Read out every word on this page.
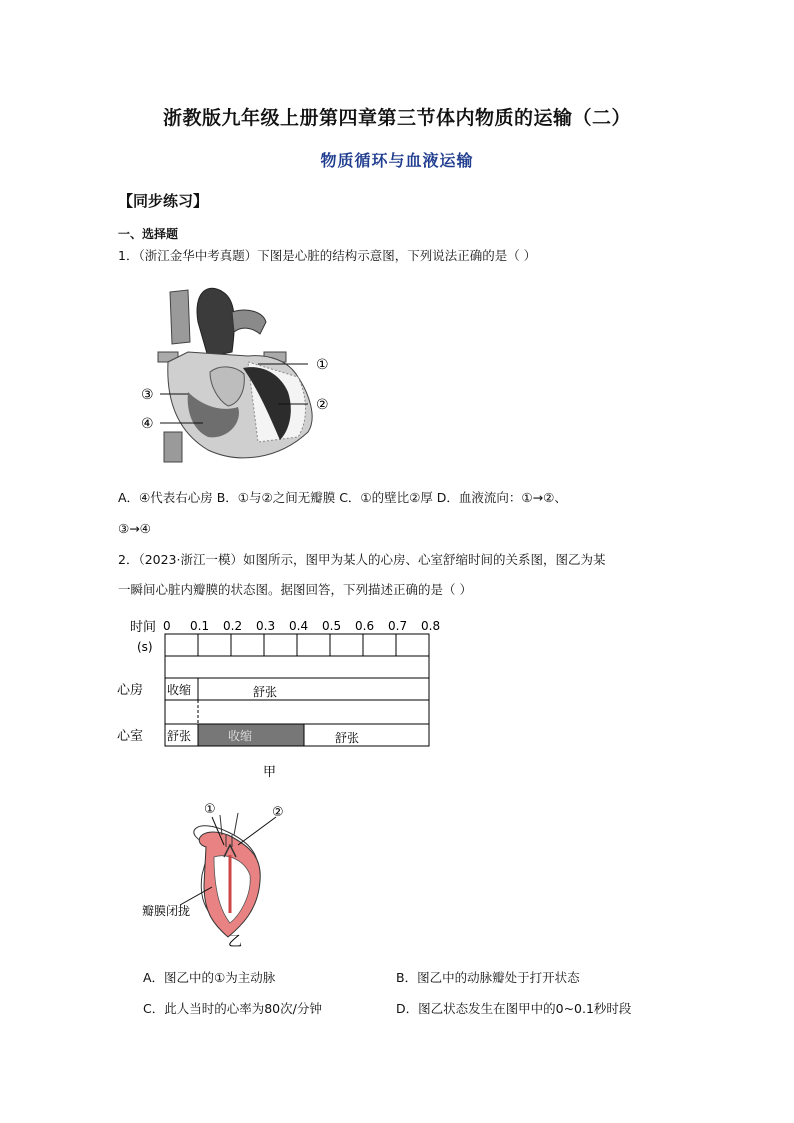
浙教版九年级上册第四章第三节体内物质的运输（二）
物质循环与血液运输
【同步练习】
一、选择题
1．（浙江金华中考真题）下图是心脏的结构示意图，下列说法正确的是（ ）
①
②
③
④
A．④代表右心房 B．①与②之间无瓣膜 C．①的壁比②厚 D．血液流向：①→②、
③→④
2．（2023·浙江一模）如图所示，图甲为某人的心房、心室舒缩时间的关系图，图乙为某
一瞬间心脏内瓣膜的状态图。据图回答，下列描述正确的是（ ）
时间
(s)
0 0.1 0.2 0.3 0.4 0.5 0.6 0.7 0.8
心房
心室
收缩	舒张
舒张	收缩	舒张
甲
①	②
瓣膜闭拢
乙
A．图乙中的①为主动脉	B．图乙中的动脉瓣处于打开状态
C．此人当时的心率为80次/分钟	D．图乙状态发生在图甲中的0~0.1秒时段
